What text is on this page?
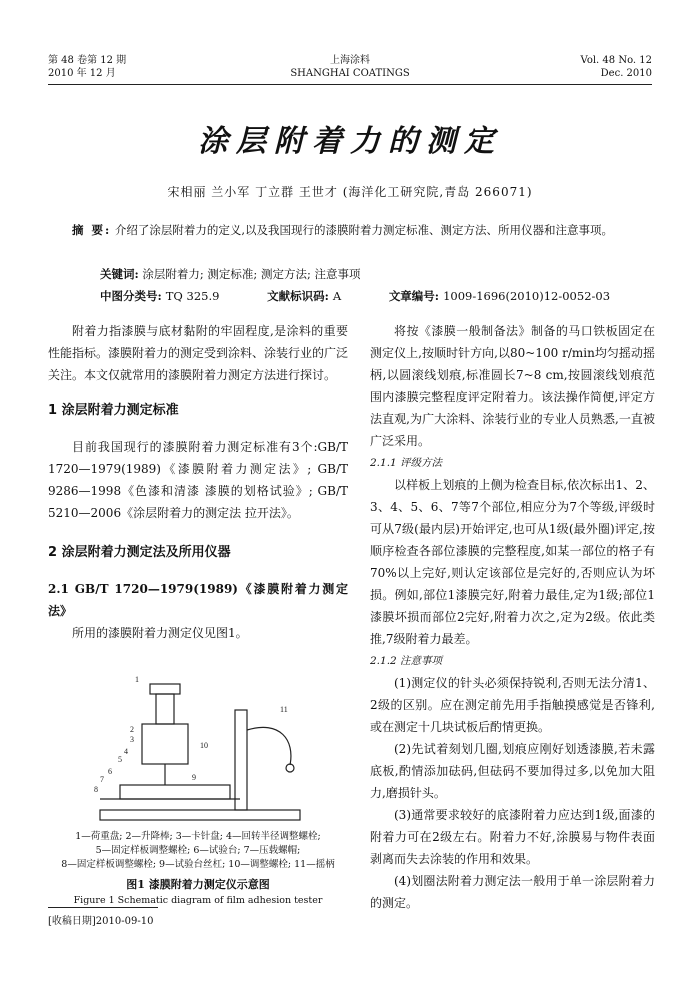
第 48 卷第 12 期
2010 年 12 月
上海涂料
SHANGHAI COATINGS
Vol. 48 No. 12
Dec. 2010
涂层附着力的测定
宋相丽 兰小军 丁立群 王世才 (海洋化工研究院,青岛 266071)
摘 要: 介绍了涂层附着力的定义,以及我国现行的漆膜附着力测定标准、测定方法、所用仪器和注意事项。
关键词: 涂层附着力; 测定标准; 测定方法; 注意事项
中图分类号: TQ 325.9	文献标识码: A	文章编号: 1009-1696(2010)12-0052-03

附着力指漆膜与底材黏附的牢固程度,是涂料的重要性能指标。漆膜附着力的测定受到涂料、涂装行业的广泛关注。本文仅就常用的漆膜附着力测定方法进行探讨。

1 涂层附着力测定标准

目前我国现行的漆膜附着力测定标准有3个:GB/T 1720—1979(1989)《漆膜附着力测定法》; GB/T 9286—1998《色漆和清漆 漆膜的划格试验》; GB/T 5210—2006《涂层附着力的测定法 拉开法》。

2 涂层附着力测定法及所用仪器

2.1 GB/T 1720—1979(1989)《漆膜附着力测定法》

所用的漆膜附着力测定仪见图1。

1
2
3
4
5
6
7
8
9
10
11
1—荷重盘; 2—升降棒; 3—卡针盘; 4—回转半径调整螺栓;
5—固定样板调整螺栓; 6—试验台; 7—压载螺帽;
8—固定样板调整螺栓; 9—试验台丝杠; 10—调整螺栓; 11—摇柄
图1 漆膜附着力测定仪示意图
Figure 1 Schematic diagram of film adhesion tester

将按《漆膜一般制备法》制备的马口铁板固定在测定仪上,按顺时针方向,以80~100 r/min均匀摇动摇柄,以圆滚线划痕,标准圆长7~8 cm,按圆滚线划痕范围内漆膜完整程度评定附着力。该法操作简便,评定方法直观,为广大涂料、涂装行业的专业人员熟悉,一直被广泛采用。

2.1.1 评级方法

以样板上划痕的上侧为检查目标,依次标出1、2、3、4、5、6、7等7个部位,相应分为7个等级,评级时可从7级(最内层)开始评定,也可从1级(最外圈)评定,按顺序检查各部位漆膜的完整程度,如某一部位的格子有70%以上完好,则认定该部位是完好的,否则应认为坏损。例如,部位1漆膜完好,附着力最佳,定为1级;部位1漆膜坏损而部位2完好,附着力次之,定为2级。依此类推,7级附着力最差。

2.1.2 注意事项

(1)测定仪的针头必须保持锐利,否则无法分清1、2级的区别。应在测定前先用手指触摸感觉是否锋利,或在测定十几块试板后酌情更换。

(2)先试着刻划几圈,划痕应刚好划透漆膜,若未露底板,酌情添加砝码,但砝码不要加得过多,以免加大阻力,磨损针头。

(3)通常要求较好的底漆附着力应达到1级,面漆的附着力可在2级左右。附着力不好,涂膜易与物件表面剥离而失去涂装的作用和效果。

(4)划圈法附着力测定法一般用于单一涂层附着力的测定。

[收稿日期]2010-09-10
